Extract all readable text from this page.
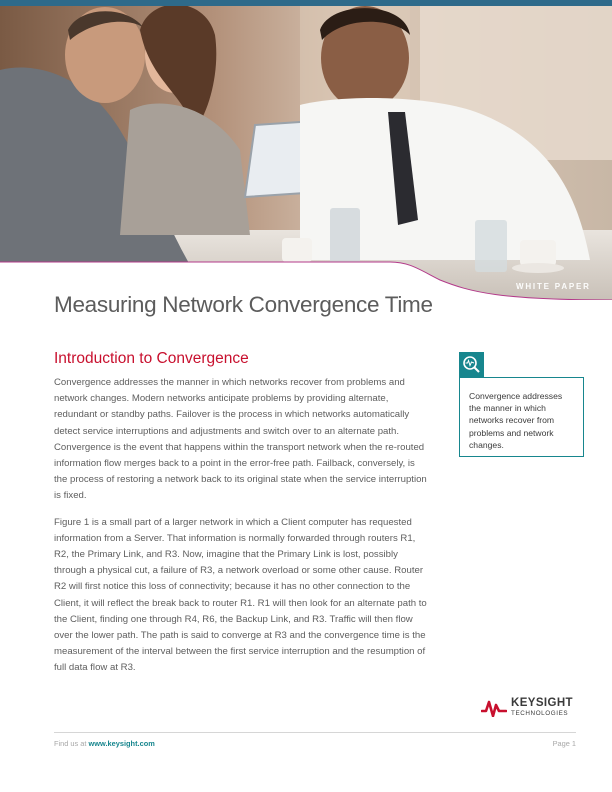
WHITE PAPER
Measuring Network Convergence Time
Introduction to Convergence

Convergence addresses the manner in which networks recover from problems and network changes. Modern networks anticipate problems by providing alternate, redundant or standby paths. Failover is the process in which networks automatically detect service interruptions and adjustments and switch over to an alternate path. Convergence is the event that happens within the transport network when the re-routed information flow merges back to a point in the error-free path. Failback, conversely, is the process of restoring a network back to its original state when the service interruption is fixed.

Figure 1 is a small part of a larger network in which a Client computer has requested information from a Server. That information is normally forwarded through routers R1, R2, the Primary Link, and R3. Now, imagine that the Primary Link is lost, possibly through a physical cut, a failure of R3, a network overload or some other cause. Router R2 will first notice this loss of connectivity; because it has no other connection to the Client, it will reflect the break back to router R1. R1 will then look for an alternate path to the Client, finding one through R4, R6, the Backup Link, and R3. Traffic will then flow over the lower path. The path is said to converge at R3 and the convergence time is the measurement of the interval between the first service interruption and the resumption of full data flow at R3.

Convergence addresses the manner in which networks recover from problems and network changes.

KEYSIGHT
TECHNOLOGIES
Find us at www.keysight.com	Page 1
